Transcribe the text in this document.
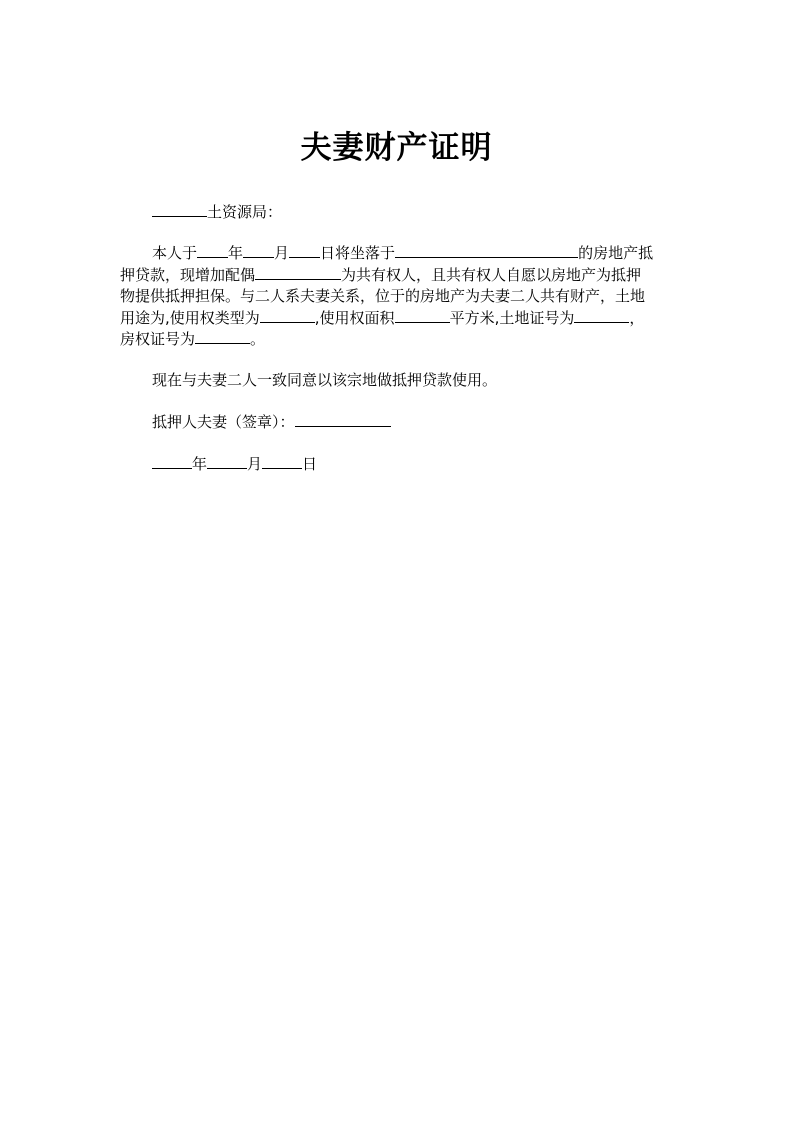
夫妻财产证明
土资源局：
本人于 年 月 日将坐落于	的房地产抵
押贷款，现增加配偶	为共有权人，且共有权人自愿以房地产为抵押
物提供抵押担保。与二人系夫妻关系，位于的房地产为夫妻二人共有财产，土地
用途为,使用权类型为	,使用权面积	平方米,土地证号为	，
房权证号为	。
现在与夫妻二人一致同意以该宗地做抵押贷款使用。
抵押人夫妻（签章）：
年	月	日
